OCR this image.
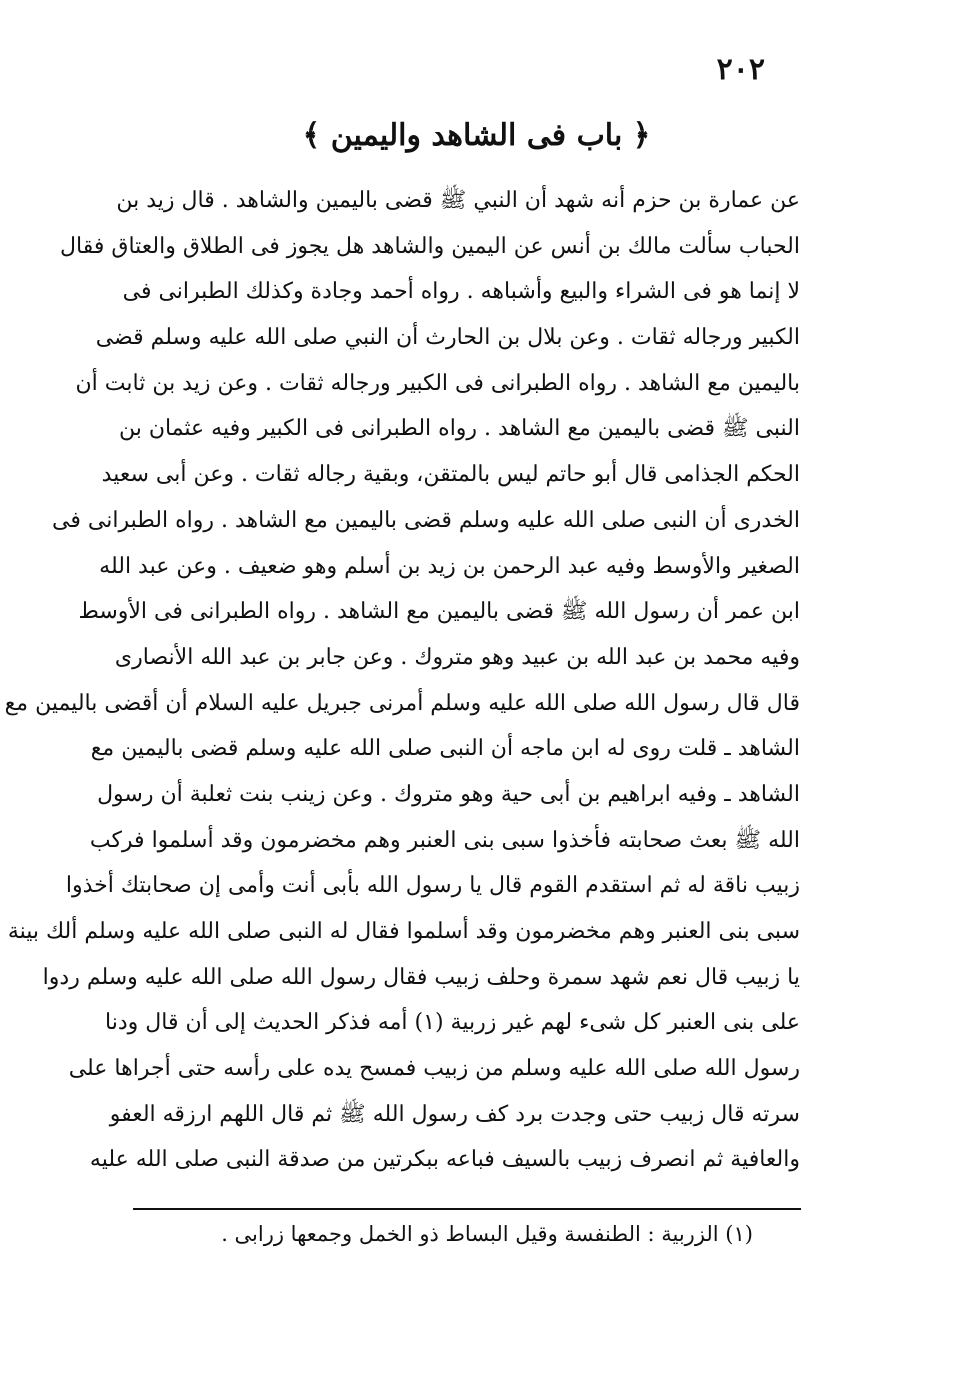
٢٠٢
﴿ باب فى الشاهد واليمين ﴾
عن عمارة بن حزم أنه شهد أن النبي ﷺ قضى باليمين والشاهد . قال زيد بن
الحباب سألت مالك بن أنس عن اليمين والشاهد هل يجوز فى الطلاق والعتاق فقال
لا إنما هو فى الشراء والبيع وأشباهه . رواه أحمد وجادة وكذلك الطبرانى فى
الكبير ورجاله ثقات . وعن بلال بن الحارث أن النبي صلى الله عليه وسلم قضى
باليمين مع الشاهد . رواه الطبرانى فى الكبير ورجاله ثقات . وعن زيد بن ثابت أن
النبى ﷺ قضى باليمين مع الشاهد . رواه الطبرانى فى الكبير وفيه عثمان بن
الحكم الجذامى قال أبو حاتم ليس بالمتقن، وبقية رجاله ثقات . وعن أبى سعيد
الخدرى أن النبى صلى الله عليه وسلم قضى باليمين مع الشاهد . رواه الطبرانى فى
الصغير والأوسط وفيه عبد الرحمن بن زيد بن أسلم وهو ضعيف . وعن عبد الله
ابن عمر أن رسول الله ﷺ قضى باليمين مع الشاهد . رواه الطبرانى فى الأوسط
وفيه محمد بن عبد الله بن عبيد وهو متروك . وعن جابر بن عبد الله الأنصارى
قال قال رسول الله صلى الله عليه وسلم أمرنى جبريل عليه السلام أن أقضى باليمين مع
الشاهد ـ قلت روى له ابن ماجه أن النبى صلى الله عليه وسلم قضى باليمين مع
الشاهد ـ وفيه ابراهيم بن أبى حية وهو متروك . وعن زينب بنت ثعلبة أن رسول
الله ﷺ بعث صحابته فأخذوا سبى بنى العنبر وهم مخضرمون وقد أسلموا فركب
زبيب ناقة له ثم استقدم القوم قال يا رسول الله بأبى أنت وأمى إن صحابتك أخذوا
سبى بنى العنبر وهم مخضرمون وقد أسلموا فقال له النبى صلى الله عليه وسلم ألك بينة
يا زبيب قال نعم شهد سمرة وحلف زبيب فقال رسول الله صلى الله عليه وسلم ردوا
على بنى العنبر كل شىء لهم غير زربية (١) أمه فذكر الحديث إلى أن قال ودنا
رسول الله صلى الله عليه وسلم من زبيب فمسح يده على رأسه حتى أجراها على
سرته قال زبيب حتى وجدت برد كف رسول الله ﷺ ثم قال اللهم ارزقه العفو
والعافية ثم انصرف زبيب بالسيف فباعه ببكرتين من صدقة النبى صلى الله عليه
(١) الزربية : الطنفسة وقيل البساط ذو الخمل وجمعها زرابى .
